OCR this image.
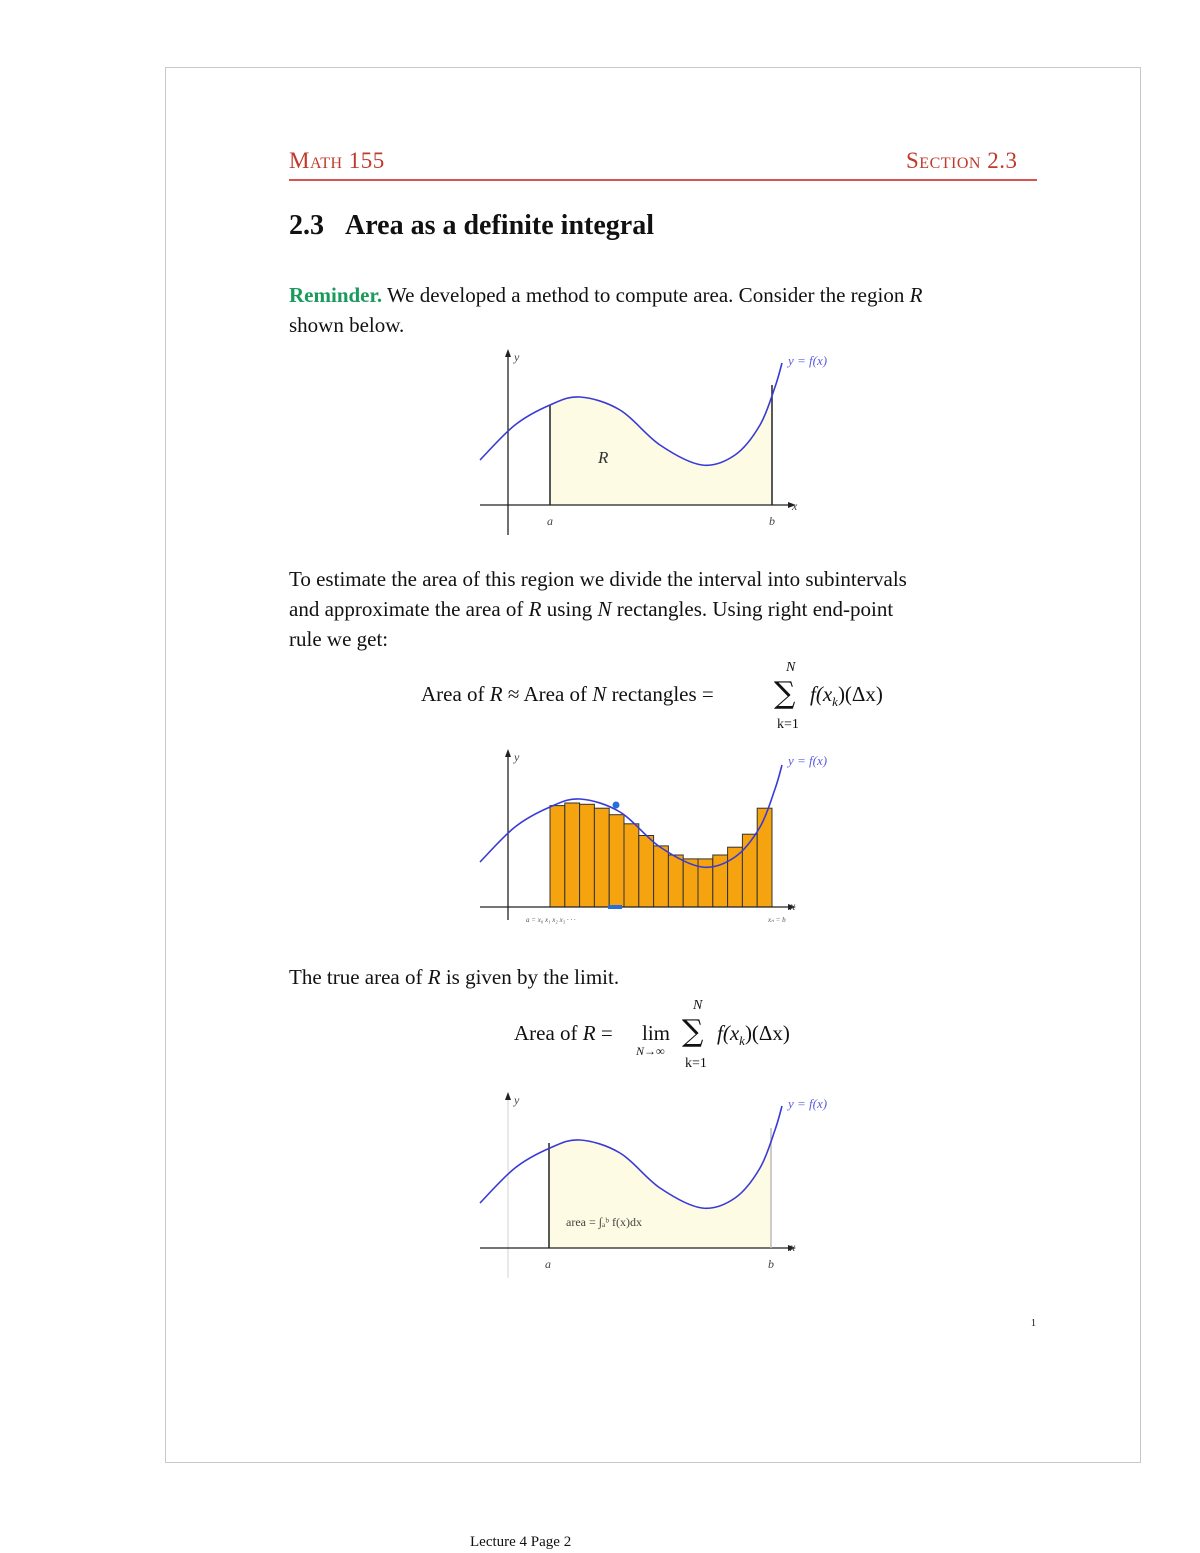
Math 155	Section 2.3
2.3 Area as a definite integral
Reminder. We developed a method to compute area. Consider the region R
shown below.
y
x
a	b
R
y = f(x)
To estimate the area of this region we divide the interval into subintervals
and approximate the area of R using N rectangles. Using right end-point
rule we get:
Area of R ≈ Area of N rectangles =
N
∑
k=1
$f(x_k)(\Delta x)$
y
x
a = x₀ x₁ x₂ x₃ · · ·	xₙ = b
y = f(x)
The true area of R is given by the limit.
Area of R = lim
N→∞
N
∑
k=1
$f(x_k)(\Delta x)$
y
x
a	b
area = ∫ₐᵇ f(x)dx
y = f(x)
1
Lecture 4 Page 2
